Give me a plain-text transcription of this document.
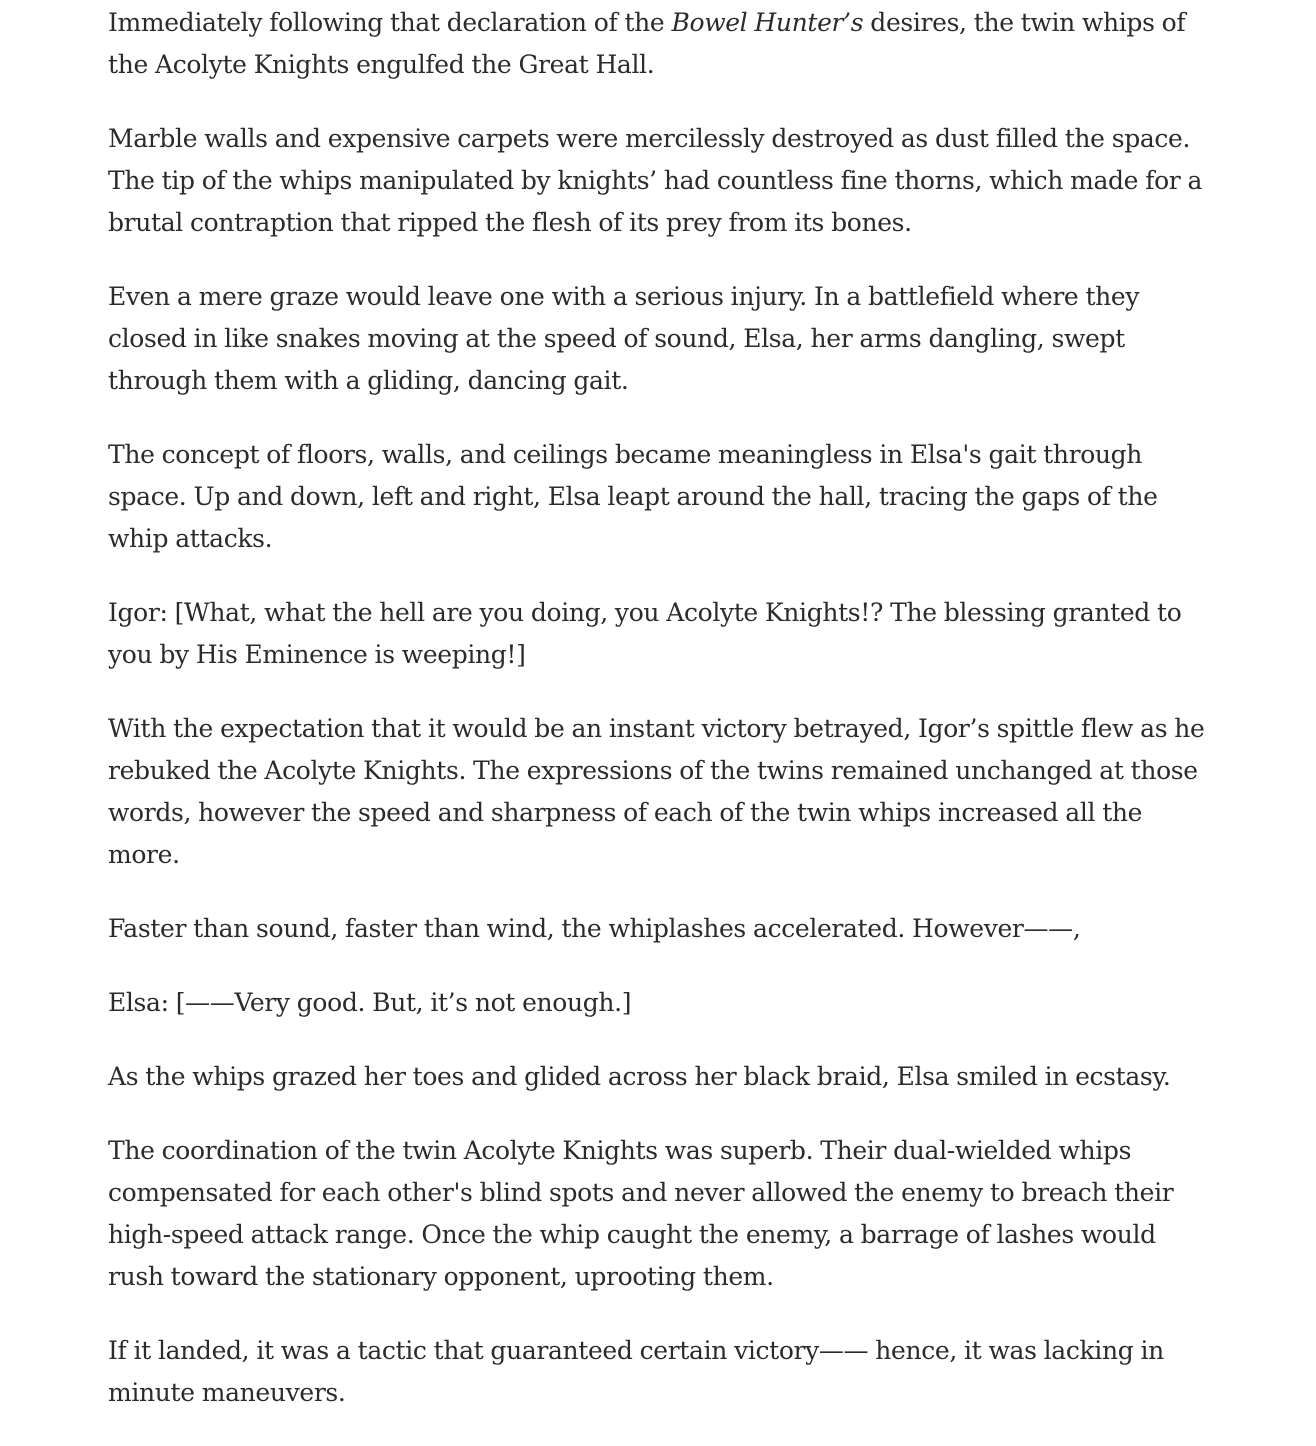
Immediately following that declaration of the Bowel Hunter’s desires, the twin whips of the Acolyte Knights engulfed the Great Hall.

Marble walls and expensive carpets were mercilessly destroyed as dust filled the space. The tip of the whips manipulated by knights’ had countless fine thorns, which made for a brutal contraption that ripped the flesh of its prey from its bones.

Even a mere graze would leave one with a serious injury. In a battlefield where they closed in like snakes moving at the speed of sound, Elsa, her arms dangling, swept through them with a gliding, dancing gait.

The concept of floors, walls, and ceilings became meaningless in Elsa's gait through space. Up and down, left and right, Elsa leapt around the hall, tracing the gaps of the whip attacks.

Igor: [What, what the hell are you doing, you Acolyte Knights!? The blessing granted to you by His Eminence is weeping!]

With the expectation that it would be an instant victory betrayed, Igor’s spittle flew as he rebuked the Acolyte Knights. The expressions of the twins remained unchanged at those words, however the speed and sharpness of each of the twin whips increased all the more.

Faster than sound, faster than wind, the whiplashes accelerated. However——,

Elsa: [——Very good. But, it’s not enough.]

As the whips grazed her toes and glided across her black braid, Elsa smiled in ecstasy.

The coordination of the twin Acolyte Knights was superb. Their dual-wielded whips compensated for each other's blind spots and never allowed the enemy to breach their high-speed attack range. Once the whip caught the enemy, a barrage of lashes would rush toward the stationary opponent, uprooting them.

If it landed, it was a tactic that guaranteed certain victory—— hence, it was lacking in minute maneuvers.
